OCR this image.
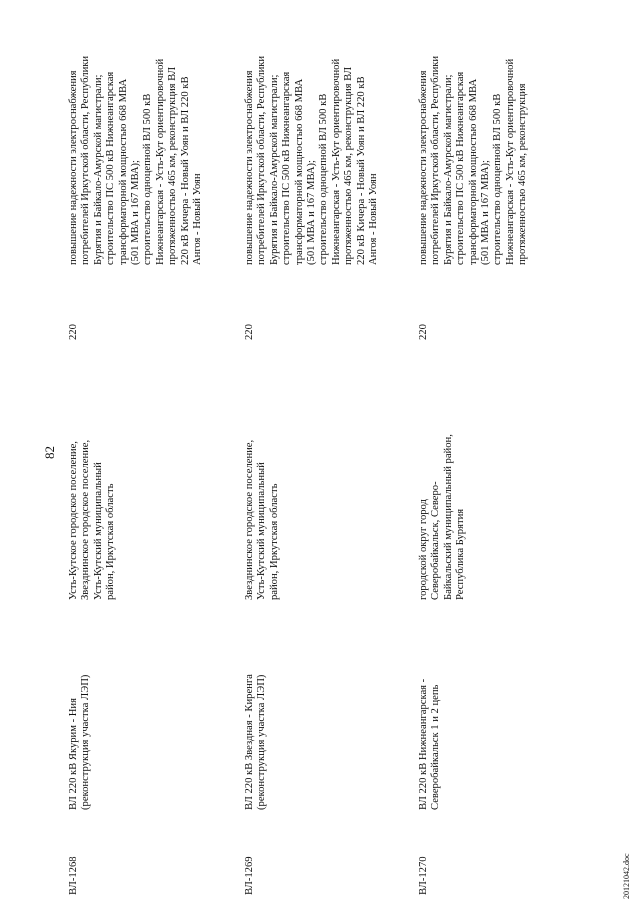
82
ВЛ-1268
ВЛ 220 кВ Якурим - Ния (реконструкция участка ЛЭП)
Усть-Кутское городское поселение, Звезднинское городское поселение, Усть-Кутский муниципальный район, Иркутская область
220
повышение надежности электроснабжения потребителей Иркутской области, Республики Бурятия и Байкало-Амурской магистрали; строительство ПС 500 кВ Нижнеангарская трансформаторной мощностью 668 МВА (501 МВА и 167 МВА); строительство одноцепной ВЛ 500 кВ Нижнеангарская - Усть-Кут ориентировочной протяженностью 465 км, реконструкция ВЛ 220 кВ Кичера - Новый Уоян и ВЛ 220 кВ Ангоя - Новый Уоян
ВЛ-1269
ВЛ 220 кВ Звездная - Киренга (реконструкция участка ЛЭП)
Звезднинское городское поселение, Усть-Кутский муниципальный район, Иркутская область
220
повышение надежности электроснабжения потребителей Иркутской области, Республики Бурятия и Байкало-Амурской магистрали; строительство ПС 500 кВ Нижнеангарская трансформаторной мощностью 668 МВА (501 МВА и 167 МВА); строительство одноцепной ВЛ 500 кВ Нижнеангарская - Усть-Кут ориентировочной протяженностью 465 км, реконструкция ВЛ 220 кВ Кичера - Новый Уоян и ВЛ 220 кВ Ангоя - Новый Уоян
ВЛ-1270
ВЛ 220 кВ Нижнеангарская - Северобайкальск 1 и 2 цепь
городской округ город Северобайкальск, Северо- Байкальский муниципальный район, Республика Бурятия
220
повышение надежности электроснабжения потребителей Иркутской области, Республики Бурятия и Байкало-Амурской магистрали; строительство ПС 500 кВ Нижнеангарская трансформаторной мощностью 668 МВА (501 МВА и 167 МВА); строительство одноцепной ВЛ 500 кВ Нижнеангарская - Усть-Кут ориентировочной протяженностью 465 км, реконструкция
20121042.doc
